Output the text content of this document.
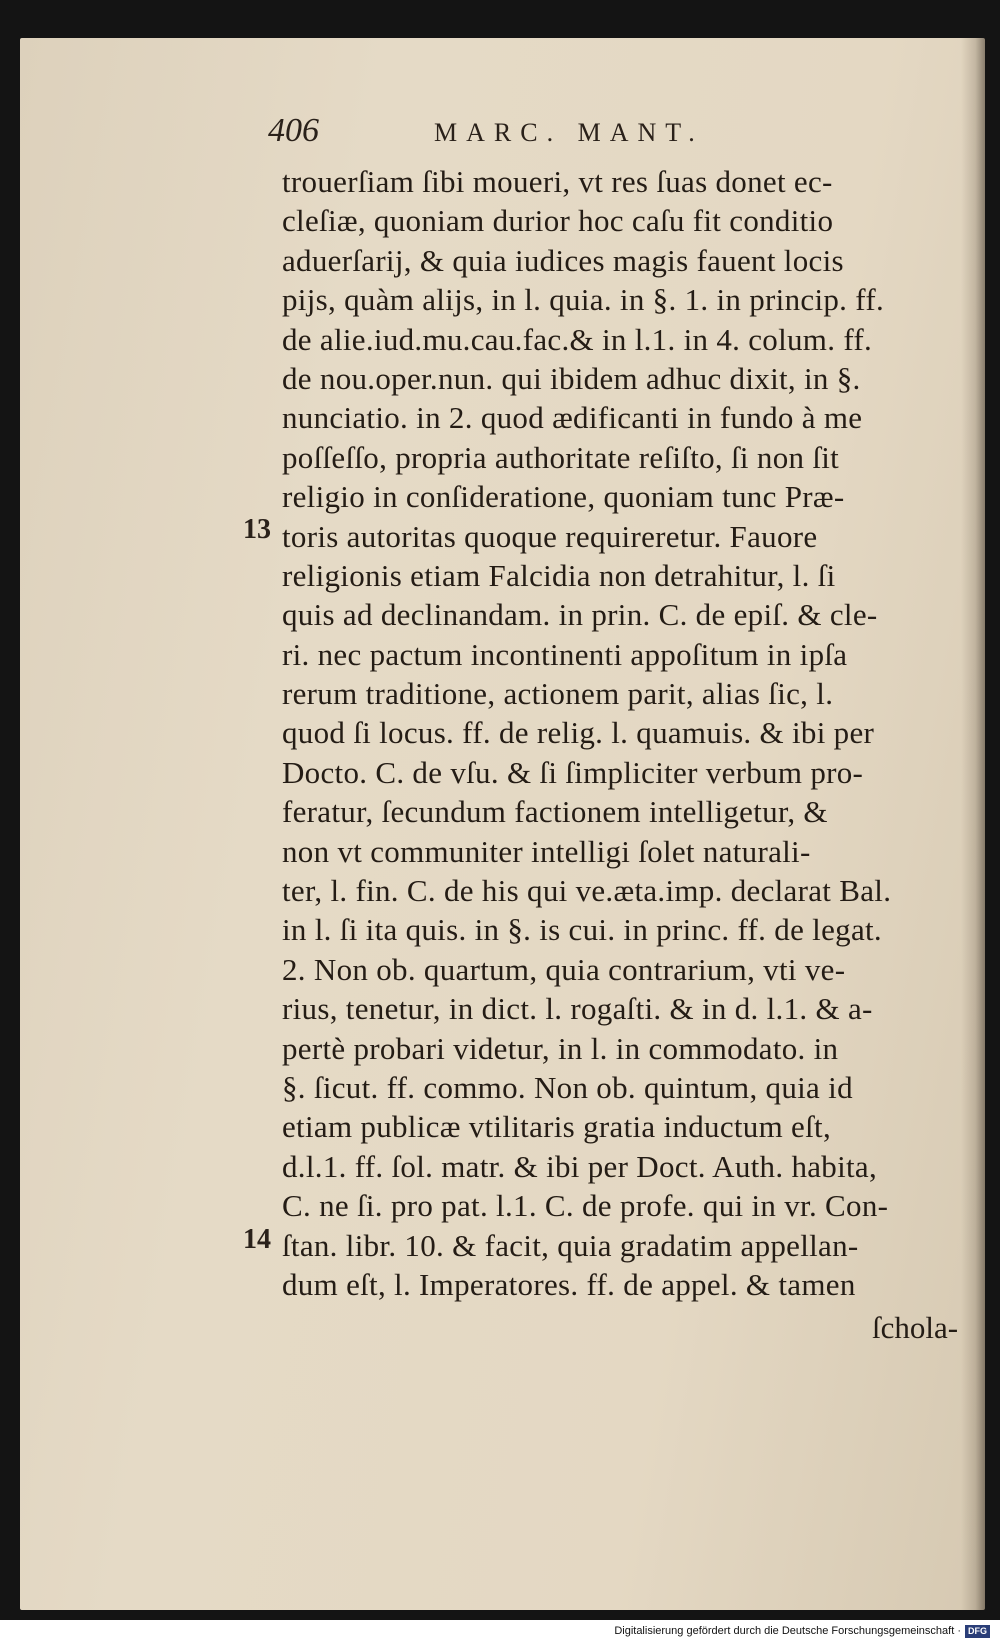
406	MARC. MANT.
13
14
trouerſiam ſibi moueri, vt res ſuas donet ec-
cleſiæ, quoniam durior hoc caſu fit conditio
aduerſarij, & quia iudices magis fauent locis
pijs, quàm alijs, in l. quia. in §. 1. in princip. ff.
de alie.iud.mu.cau.fac.& in l.1. in 4. colum. ff.
de nou.oper.nun. qui ibidem adhuc dixit, in §.
nunciatio. in 2. quod ædificanti in fundo à me
poſſeſſo, propria authoritate reſiſto, ſi non ſit
religio in conſideratione, quoniam tunc Præ-
toris autoritas quoque requireretur. Fauore
religionis etiam Falcidia non detrahitur, l. ſi
quis ad declinandam. in prin. C. de epiſ. & cle-
ri. nec pactum incontinenti appoſitum in ipſa
rerum traditione, actionem parit, alias ſic, l.
quod ſi locus. ff. de relig. l. quamuis. & ibi per
Docto. C. de vſu. & ſi ſimpliciter verbum pro-
feratur, ſecundum factionem intelligetur, &
non vt communiter intelligi ſolet naturali-
ter, l. fin. C. de his qui ve.æta.imp. declarat Bal.
in l. ſi ita quis. in §. is cui. in princ. ff. de legat.
2. Non ob. quartum, quia contrarium, vti ve-
rius, tenetur, in dict. l. rogaſti. & in d. l.1. & a-
pertè probari videtur, in l. in commodato. in
§. ſicut. ff. commo. Non ob. quintum, quia id
etiam publicæ vtilitaris gratia inductum eſt,
d.l.1. ff. ſol. matr. & ibi per Doct. Auth. habita,
C. ne ſi. pro pat. l.1. C. de profe. qui in vr. Con-
ſtan. libr. 10. & facit, quia gradatim appellan-
dum eſt, l. Imperatores. ff. de appel. & tamen
ſchola-
Digitalisierung gefördert durch die Deutsche Forschungsgemeinschaft · DFG
